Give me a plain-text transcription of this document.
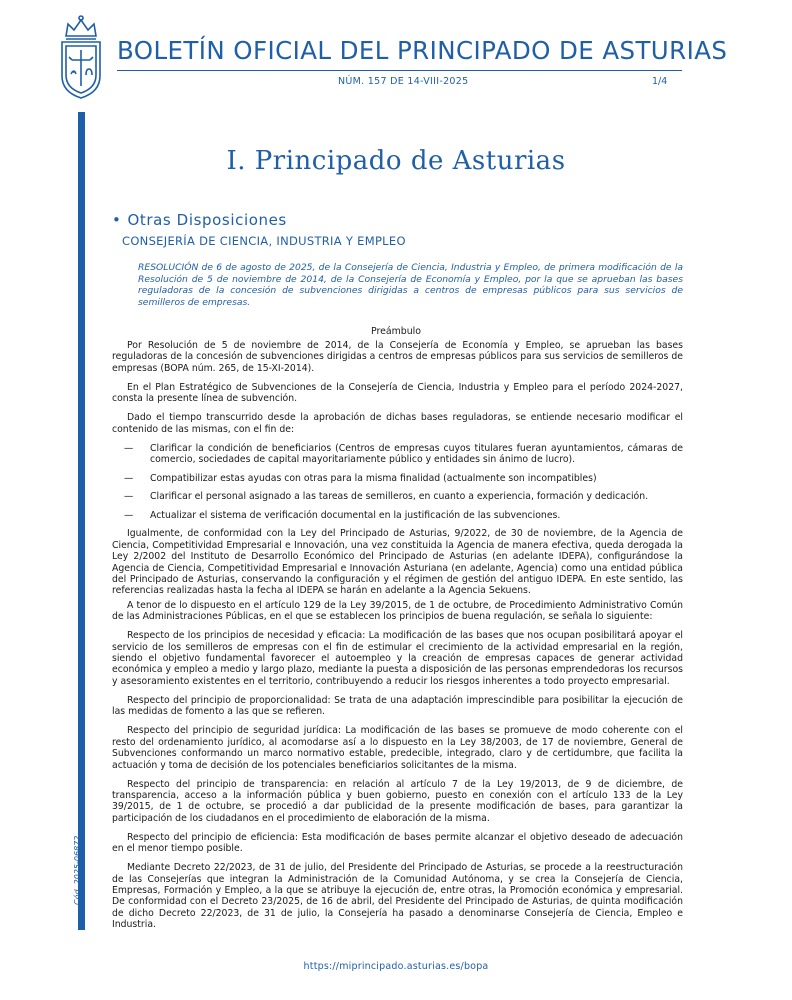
BOLETÍN OFICIAL DEL PRINCIPADO DE ASTURIAS
NÚM. 157 DE 14-VIII-2025	1/4
Cód. 2025-06872
I. Principado de Asturias
• Otras Disposiciones
CONSEJERÍA DE CIENCIA, INDUSTRIA Y EMPLEO
RESOLUCIÓN de 6 de agosto de 2025, de la Consejería de Ciencia, Industria y Empleo, de primera modificación de la Resolución de 5 de noviembre de 2014, de la Consejería de Economía y Empleo, por la que se aprueban las bases reguladoras de la concesión de subvenciones dirigidas a centros de empresas públicos para sus servicios de semilleros de empresas.
Preámbulo

Por Resolución de 5 de noviembre de 2014, de la Consejería de Economía y Empleo, se aprueban las bases reguladoras de la concesión de subvenciones dirigidas a centros de empresas públicos para sus servicios de semilleros de empresas (BOPA núm. 265, de 15-XI-2014).

En el Plan Estratégico de Subvenciones de la Consejería de Ciencia, Industria y Empleo para el período 2024-2027, consta la presente línea de subvención.

Dado el tiempo transcurrido desde la aprobación de dichas bases reguladoras, se entiende necesario modificar el contenido de las mismas, con el fin de:

— Clarificar la condición de beneficiarios (Centros de empresas cuyos titulares fueran ayuntamientos, cámaras de comercio, sociedades de capital mayoritariamente público y entidades sin ánimo de lucro).
— Compatibilizar estas ayudas con otras para la misma finalidad (actualmente son incompatibles)
— Clarificar el personal asignado a las tareas de semilleros, en cuanto a experiencia, formación y dedicación.
— Actualizar el sistema de verificación documental en la justificación de las subvenciones.

Igualmente, de conformidad con la Ley del Principado de Asturias, 9/2022, de 30 de noviembre, de la Agencia de Ciencia, Competitividad Empresarial e Innovación, una vez constituida la Agencia de manera efectiva, queda derogada la Ley 2/2002 del Instituto de Desarrollo Económico del Principado de Asturias (en adelante IDEPA), configurándose la Agencia de Ciencia, Competitividad Empresarial e Innovación Asturiana (en adelante, Agencia) como una entidad pública del Principado de Asturias, conservando la configuración y el régimen de gestión del antiguo IDEPA. En este sentido, las referencias realizadas hasta la fecha al IDEPA se harán en adelante a la Agencia Sekuens.

A tenor de lo dispuesto en el artículo 129 de la Ley 39/2015, de 1 de octubre, de Procedimiento Administrativo Común de las Administraciones Públicas, en el que se establecen los principios de buena regulación, se señala lo siguiente:

Respecto de los principios de necesidad y eficacia: La modificación de las bases que nos ocupan posibilitará apoyar el servicio de los semilleros de empresas con el fin de estimular el crecimiento de la actividad empresarial en la región, siendo el objetivo fundamental favorecer el autoempleo y la creación de empresas capaces de generar actividad económica y empleo a medio y largo plazo, mediante la puesta a disposición de las personas emprendedoras los recursos y asesoramiento existentes en el territorio, contribuyendo a reducir los riesgos inherentes a todo proyecto empresarial.

Respecto del principio de proporcionalidad: Se trata de una adaptación imprescindible para posibilitar la ejecución de las medidas de fomento a las que se refieren.

Respecto del principio de seguridad jurídica: La modificación de las bases se promueve de modo coherente con el resto del ordenamiento jurídico, al acomodarse así a lo dispuesto en la Ley 38/2003, de 17 de noviembre, General de Subvenciones conformando un marco normativo estable, predecible, integrado, claro y de certidumbre, que facilita la actuación y toma de decisión de los potenciales beneficiarios solicitantes de la misma.

Respecto del principio de transparencia: en relación al artículo 7 de la Ley 19/2013, de 9 de diciembre, de transparencia, acceso a la información pública y buen gobierno, puesto en conexión con el artículo 133 de la Ley 39/2015, de 1 de octubre, se procedió a dar publicidad de la presente modificación de bases, para garantizar la participación de los ciudadanos en el procedimiento de elaboración de la misma.

Respecto del principio de eficiencia: Esta modificación de bases permite alcanzar el objetivo deseado de adecuación en el menor tiempo posible.

Mediante Decreto 22/2023, de 31 de julio, del Presidente del Principado de Asturias, se procede a la reestructuración de las Consejerías que integran la Administración de la Comunidad Autónoma, y se crea la Consejería de Ciencia, Empresas, Formación y Empleo, a la que se atribuye la ejecución de, entre otras, la Promoción económica y empresarial. De conformidad con el Decreto 23/2025, de 16 de abril, del Presidente del Principado de Asturias, de quinta modificación de dicho Decreto 22/2023, de 31 de julio, la Consejería ha pasado a denominarse Consejería de Ciencia, Empleo e Industria.

https://miprincipado.asturias.es/bopa
